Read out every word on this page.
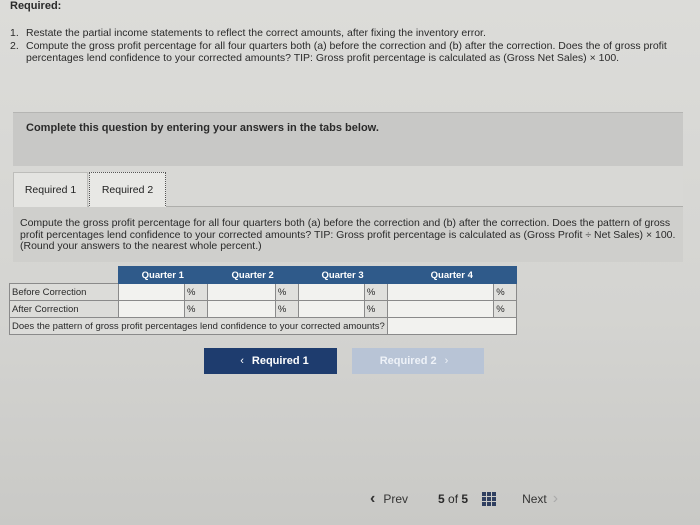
Required:
1. Restate the partial income statements to reflect the correct amounts, after fixing the inventory error.
2. Compute the gross profit percentage for all four quarters both (a) before the correction and (b) after the correction. Does the of gross profit percentages lend confidence to your corrected amounts? TIP: Gross profit percentage is calculated as (Gross Net Sales) × 100.
Complete this question by entering your answers in the tabs below.
Required 1	Required 2
Compute the gross profit percentage for all four quarters both (a) before the correction and (b) after the correction. Does the pattern of gross profit percentages lend confidence to your corrected amounts? TIP: Gross profit percentage is calculated as (Gross Profit ÷ Net Sales) × 100. (Round your answers to the nearest whole percent.)
	Quarter 1		Quarter 2		Quarter 3		Quarter 4	
Before Correction		%		%		%		%
After Correction		%		%		%		%
Does the pattern of gross profit percentages lend confidence to your corrected amounts?								
‹ Required 1	Required 2 ›
‹ Prev	5 of 5	Next ›
